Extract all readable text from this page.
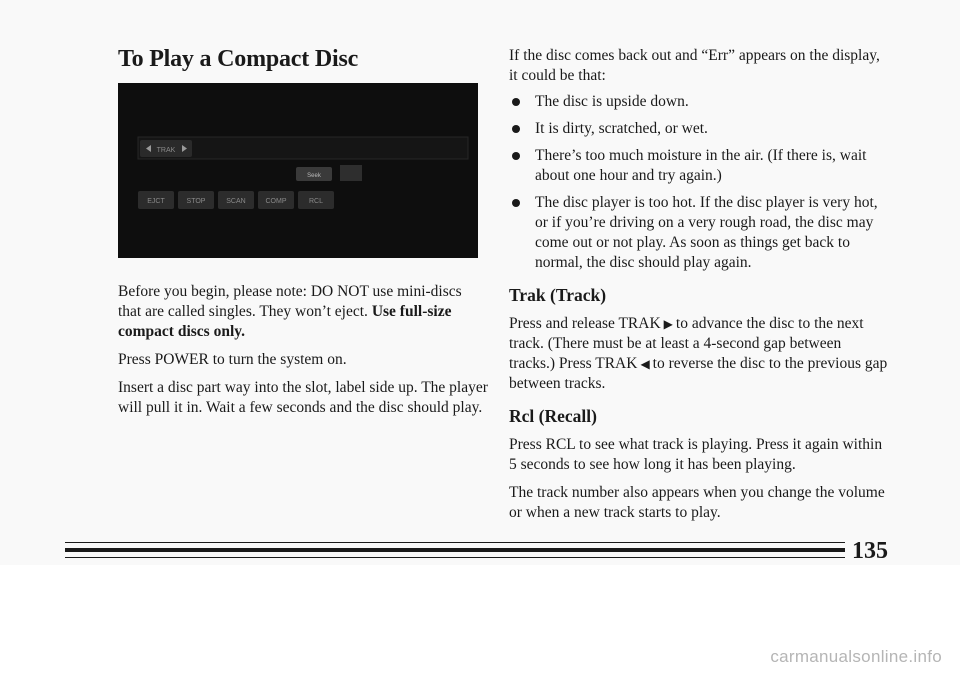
To Play a Compact Disc
TRAK
Seek
EJCT	STOP	SCAN	COMP	RCL

Before you begin, please note: DO NOT use mini-discs that are called singles. They won’t eject. Use full-size compact discs only.

Press POWER to turn the system on.

Insert a disc part way into the slot, label side up. The player will pull it in. Wait a few seconds and the disc should play.

If the disc comes back out and “Err” appears on the display, it could be that:

The disc is upside down.
It is dirty, scratched, or wet.
There’s too much moisture in the air. (If there is, wait about one hour and try again.)
The disc player is too hot. If the disc player is very hot, or if you’re driving on a very rough road, the disc may come out or not play. As soon as things get back to normal, the disc should play again.
Trak (Track)

Press and release TRAK ▶ to advance the disc to the next track. (There must be at least a 4-second gap between tracks.) Press TRAK ◀ to reverse the disc to the previous gap between tracks.

Rcl (Recall)

Press RCL to see what track is playing. Press it again within 5 seconds to see how long it has been playing.

The track number also appears when you change the volume or when a new track starts to play.

135
carmanualsonline.info
